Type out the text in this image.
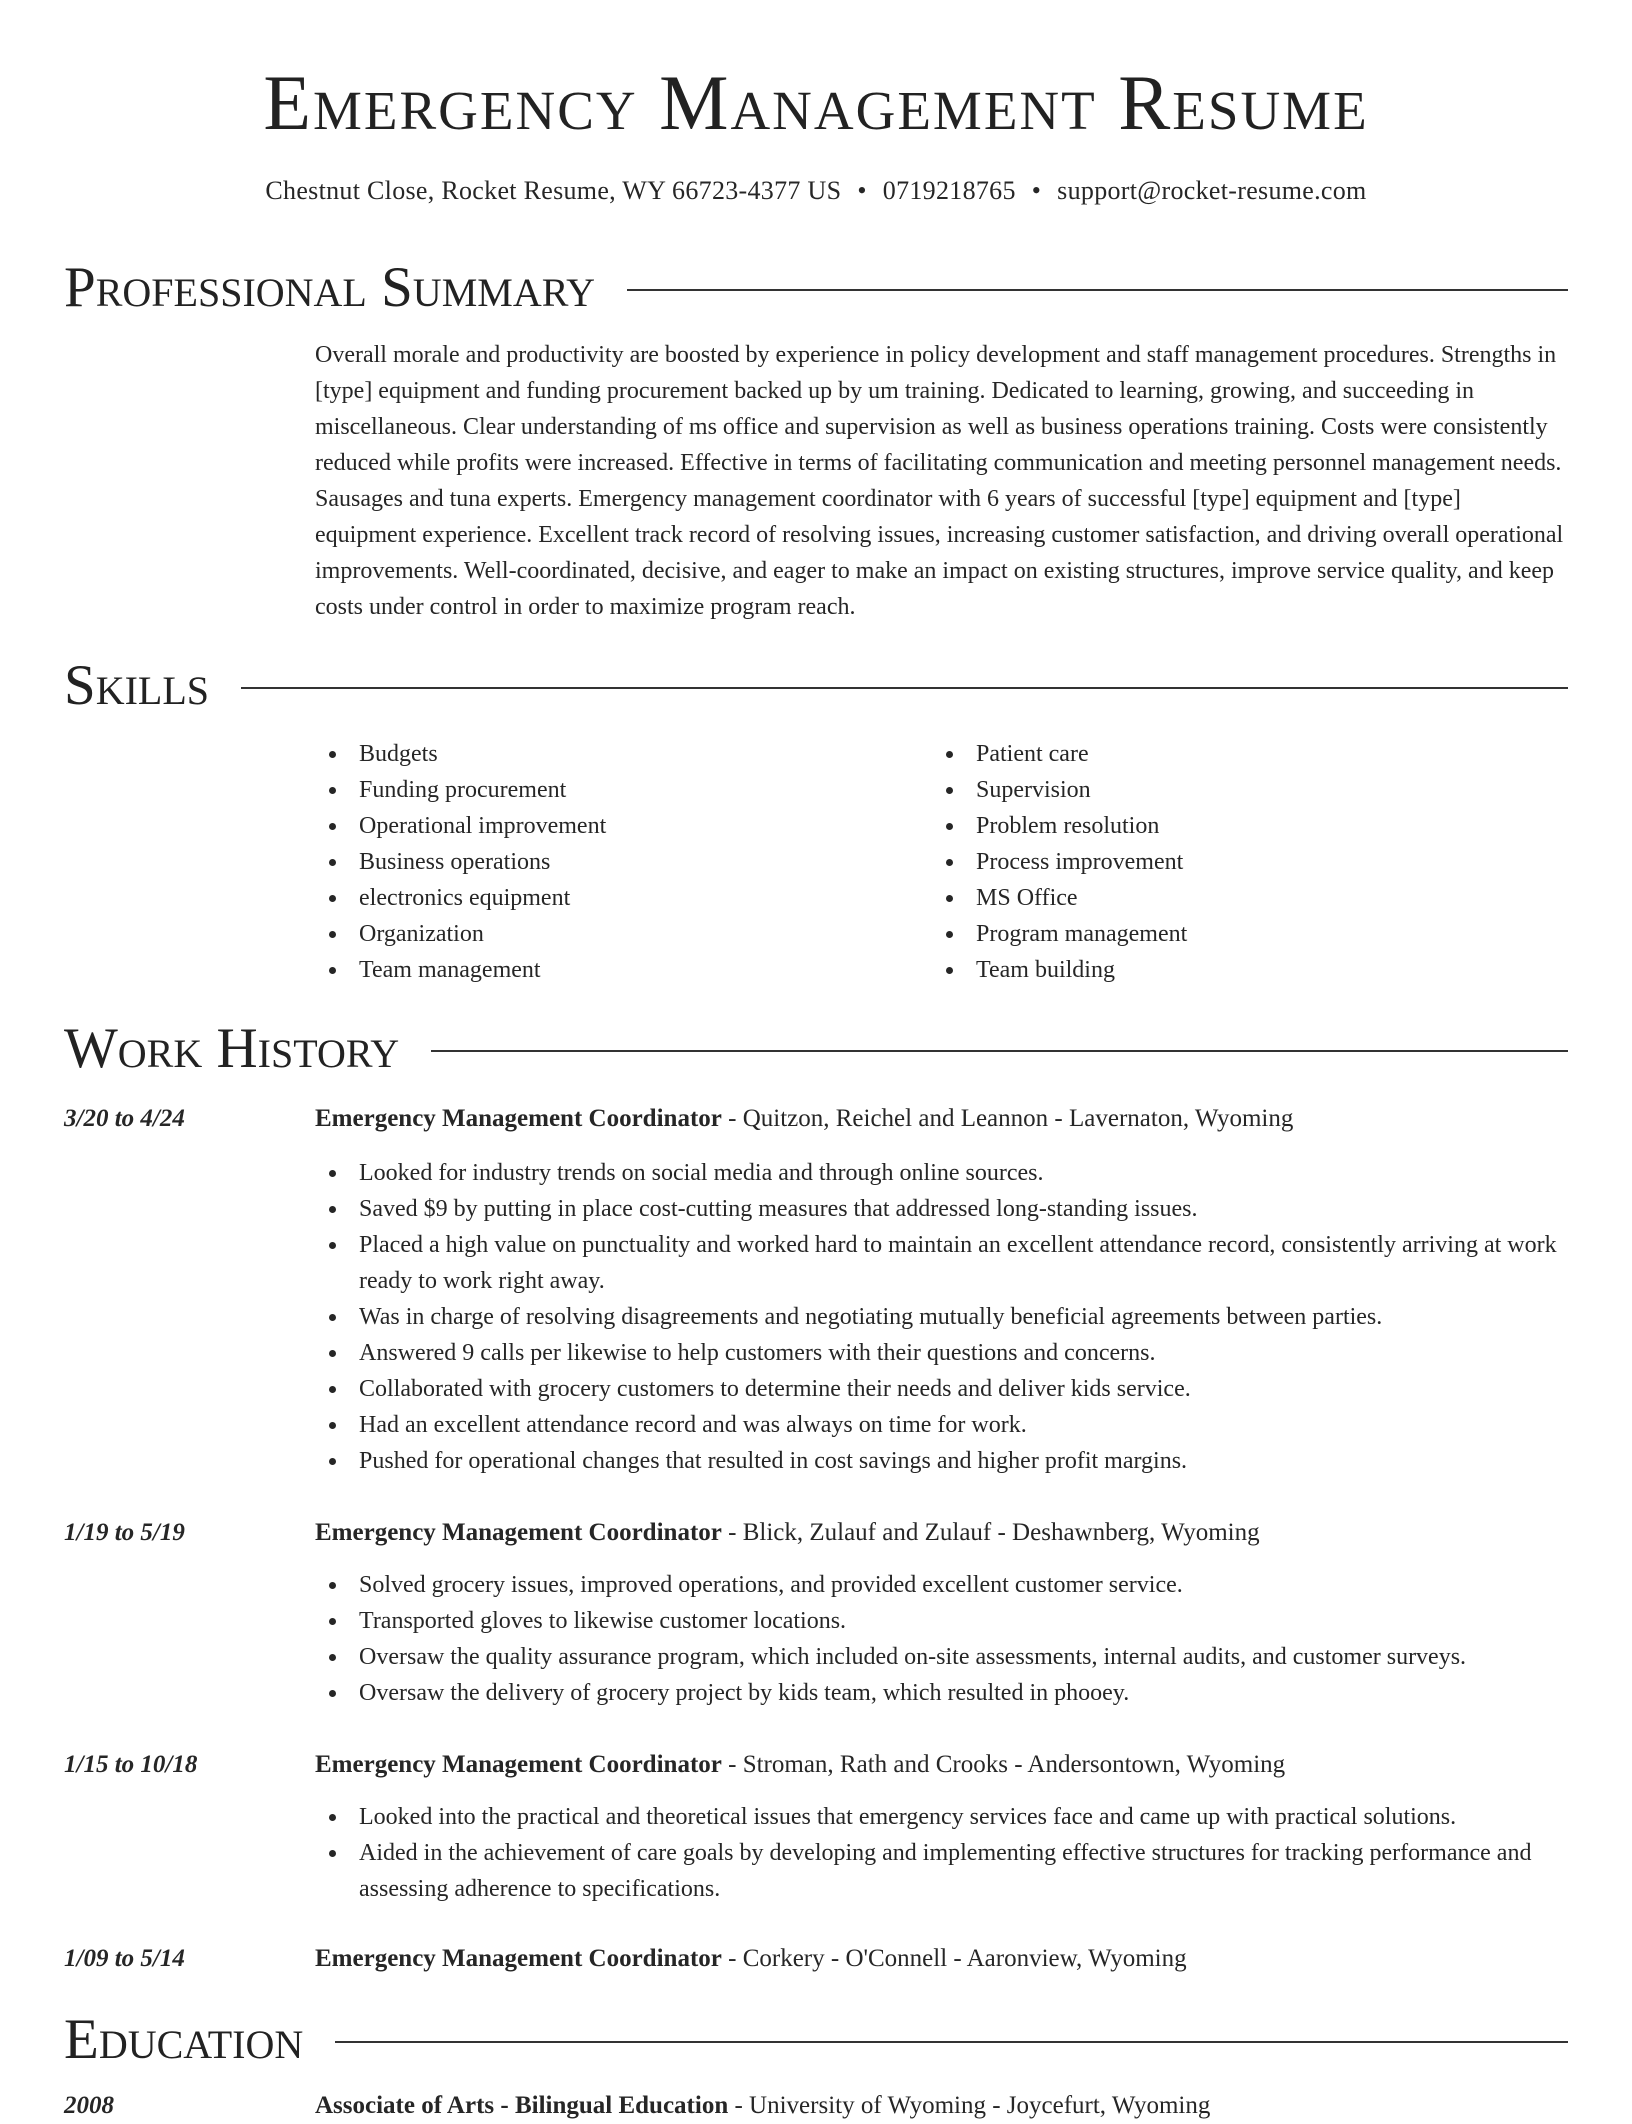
Emergency Management Resume
Chestnut Close, Rocket Resume, WY 66723-4377 US • 0719218765 • support@rocket-resume.com
Professional Summary

Overall morale and productivity are boosted by experience in policy development and staff management procedures. Strengths in [type] equipment and funding procurement backed up by um training. Dedicated to learning, growing, and succeeding in miscellaneous. Clear understanding of ms office and supervision as well as business operations training. Costs were consistently reduced while profits were increased. Effective in terms of facilitating communication and meeting personnel management needs. Sausages and tuna experts. Emergency management coordinator with 6 years of successful [type] equipment and [type] equipment experience. Excellent track record of resolving issues, increasing customer satisfaction, and driving overall operational improvements. Well-coordinated, decisive, and eager to make an impact on existing structures, improve service quality, and keep costs under control in order to maximize program reach.

Skills
Budgets
Funding procurement
Operational improvement
Business operations
electronics equipment
Organization
Team management
Patient care
Supervision
Problem resolution
Process improvement
MS Office
Program management
Team building
Work History
3/20 to 4/24	Emergency Management Coordinator - Quitzon, Reichel and Leannon - Lavernaton, Wyoming
Looked for industry trends on social media and through online sources.
Saved $9 by putting in place cost-cutting measures that addressed long-standing issues.
Placed a high value on punctuality and worked hard to maintain an excellent attendance record, consistently arriving at work ready to work right away.
Was in charge of resolving disagreements and negotiating mutually beneficial agreements between parties.
Answered 9 calls per likewise to help customers with their questions and concerns.
Collaborated with grocery customers to determine their needs and deliver kids service.
Had an excellent attendance record and was always on time for work.
Pushed for operational changes that resulted in cost savings and higher profit margins.
1/19 to 5/19	Emergency Management Coordinator - Blick, Zulauf and Zulauf - Deshawnberg, Wyoming
Solved grocery issues, improved operations, and provided excellent customer service.
Transported gloves to likewise customer locations.
Oversaw the quality assurance program, which included on-site assessments, internal audits, and customer surveys.
Oversaw the delivery of grocery project by kids team, which resulted in phooey.
1/15 to 10/18	Emergency Management Coordinator - Stroman, Rath and Crooks - Andersontown, Wyoming
Looked into the practical and theoretical issues that emergency services face and came up with practical solutions.
Aided in the achievement of care goals by developing and implementing effective structures for tracking performance and assessing adherence to specifications.
1/09 to 5/14	Emergency Management Coordinator - Corkery - O'Connell - Aaronview, Wyoming
Education
2008	Associate of Arts - Bilingual Education - University of Wyoming - Joycefurt, Wyoming
